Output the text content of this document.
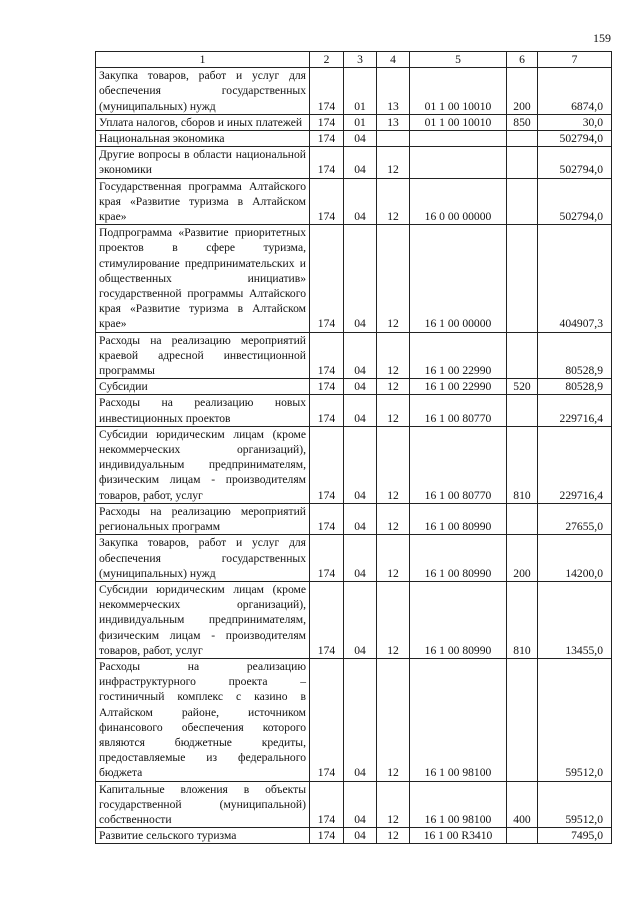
159
1	2	3	4	5	6	7
Закупка товаров, работ и услуг для обеспечения государственных (муниципальных) нужд	174	01	13	01 1 00 10010	200	6874,0
Уплата налогов, сборов и иных платежей	174	01	13	01 1 00 10010	850	30,0
Национальная экономика	174	04				502794,0
Другие вопросы в области национальной экономики	174	04	12			502794,0
Государственная программа Алтайского края «Развитие туризма в Алтайском крае»	174	04	12	16 0 00 00000		502794,0
Подпрограмма «Развитие приоритетных проектов в сфере туризма, стимулирование предпринимательских и общественных инициатив» государственной программы Алтайского края «Развитие туризма в Алтайском крае»	174	04	12	16 1 00 00000		404907,3
Расходы на реализацию мероприятий краевой адресной инвестиционной программы	174	04	12	16 1 00 22990		80528,9
Субсидии	174	04	12	16 1 00 22990	520	80528,9
Расходы на реализацию новых инвестиционных проектов	174	04	12	16 1 00 80770		229716,4
Субсидии юридическим лицам (кроме некоммерческих организаций), индивидуальным предпринимателям, физическим лицам - производителям товаров, работ, услуг	174	04	12	16 1 00 80770	810	229716,4
Расходы на реализацию мероприятий региональных программ	174	04	12	16 1 00 80990		27655,0
Закупка товаров, работ и услуг для обеспечения государственных (муниципальных) нужд	174	04	12	16 1 00 80990	200	14200,0
Субсидии юридическим лицам (кроме некоммерческих организаций), индивидуальным предпринимателям, физическим лицам - производителям товаров, работ, услуг	174	04	12	16 1 00 80990	810	13455,0
Расходы на реализацию инфраструктурного проекта – гостиничный комплекс с казино в Алтайском районе, источником финансового обеспечения которого являются бюджетные кредиты, предоставляемые из федерального бюджета	174	04	12	16 1 00 98100		59512,0
Капитальные вложения в объекты государственной (муниципальной) собственности	174	04	12	16 1 00 98100	400	59512,0
Развитие сельского туризма	174	04	12	16 1 00 R3410		7495,0
